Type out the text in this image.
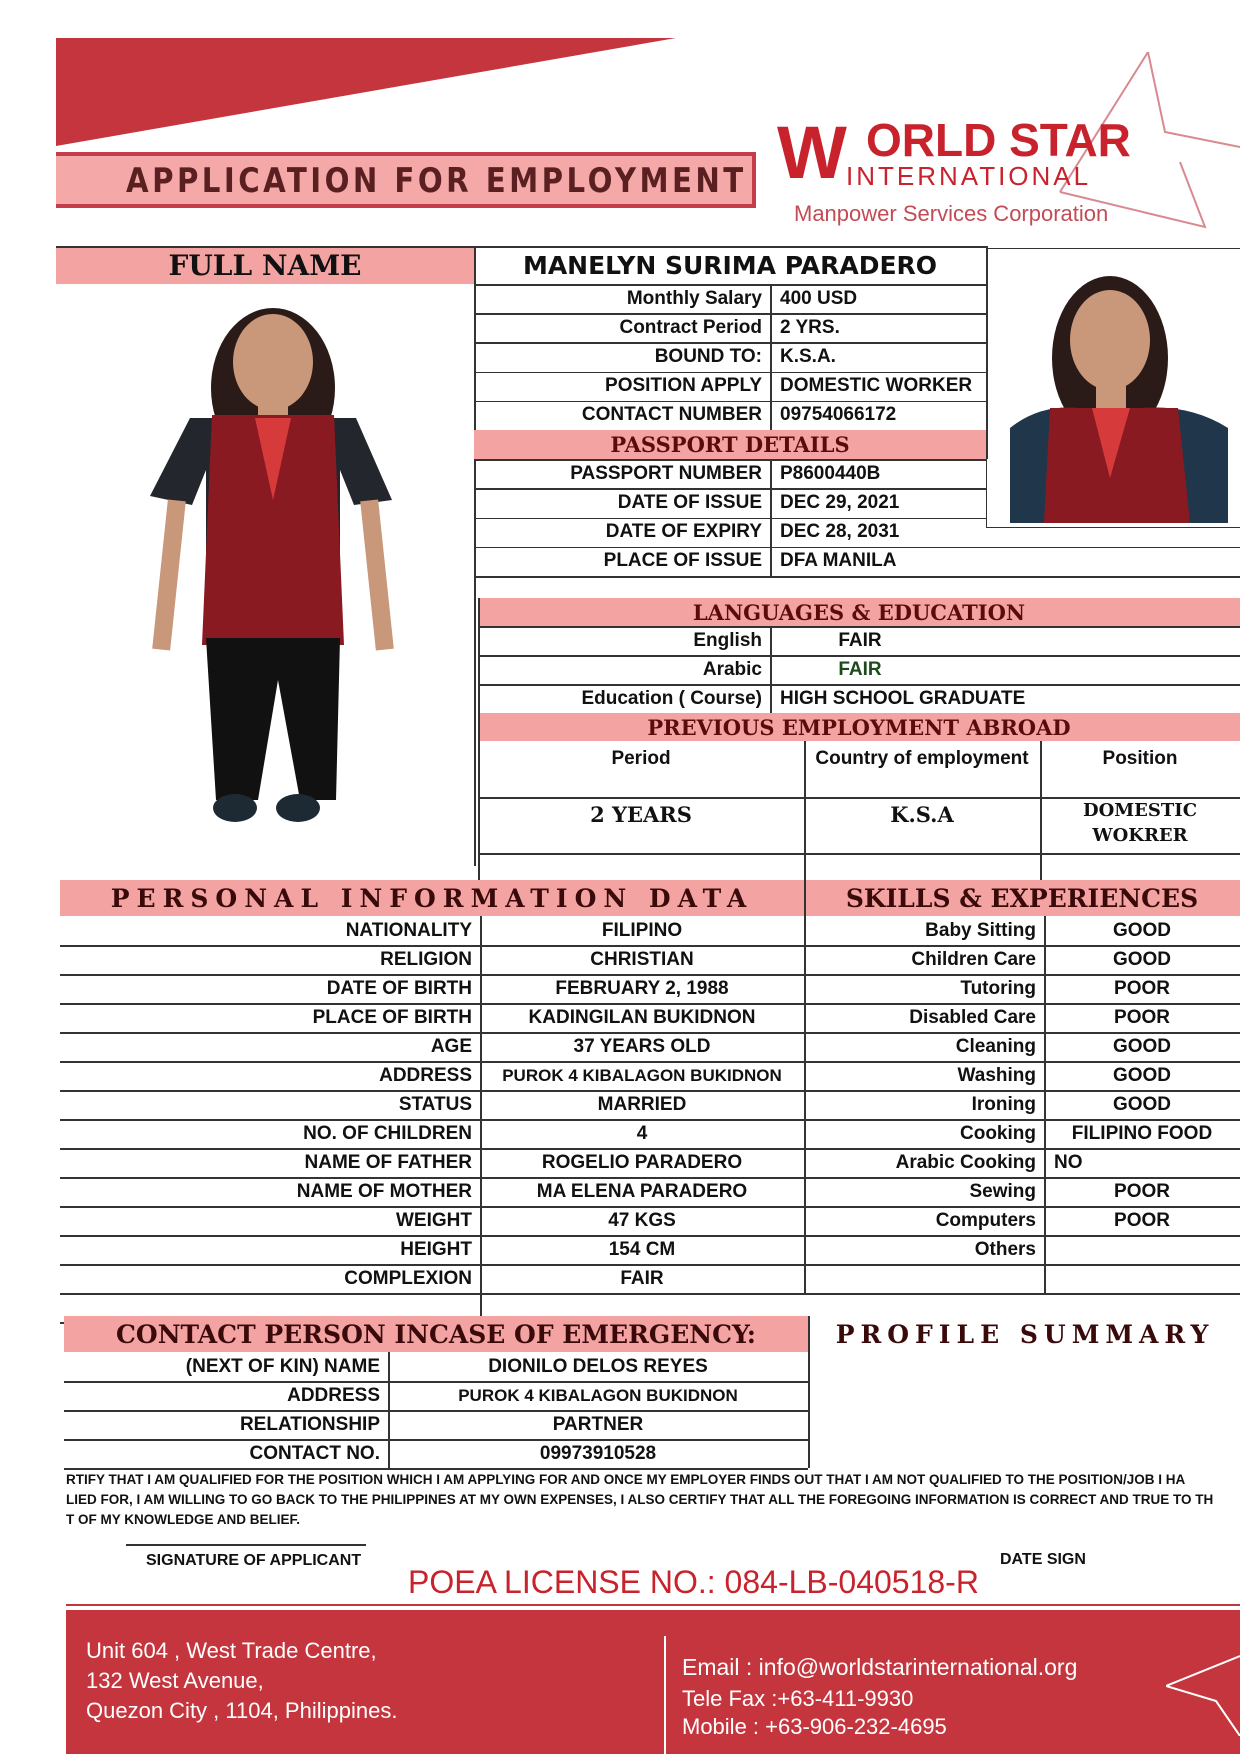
APPLICATION FOR EMPLOYMENT W ORLD STAR
INTERNATIONAL
Manpower Services Corporation
FULL NAME	MANELYN SURIMA PARADERO
Monthly Salary 400 USD
Contract Period 2 YRS.
BOUND TO: K.S.A.
POSITION APPLY DOMESTIC WORKER
CONTACT NUMBER 09754066172
PASSPORT DETAILS
PASSPORT NUMBER P8600440B
DATE OF ISSUE DEC 29, 2021
DATE OF EXPIRY DEC 28, 2031
PLACE OF ISSUE DFA MANILA
LANGUAGES & EDUCATION
English	FAIR
Arabic	FAIR
Education ( Course) HIGH SCHOOL GRADUATE
PREVIOUS EMPLOYMENT ABROAD
Period	Country of employment	Position
2 YEARS	K.S.A	DOMESTIC WOKRER
PERSONAL INFORMATION DATA
NATIONALITY	FILIPINO
RELIGION	CHRISTIAN
DATE OF BIRTH	FEBRUARY 2, 1988
PLACE OF BIRTH	KADINGILAN BUKIDNON
AGE	37 YEARS OLD
ADDRESS	PUROK 4 KIBALAGON BUKIDNON
STATUS	MARRIED
NO. OF CHILDREN	4
NAME OF FATHER	ROGELIO PARADERO
NAME OF MOTHER	MA ELENA PARADERO
WEIGHT	47 KGS
HEIGHT	154 CM
COMPLEXION	FAIR
SKILLS & EXPERIENCES
Baby Sitting	GOOD
Children Care	GOOD
Tutoring	POOR
Disabled Care	POOR
Cleaning	GOOD
Washing	GOOD
Ironing	GOOD
Cooking	FILIPINO FOOD
Arabic Cooking NO
Sewing	POOR
Computers	POOR
Others
CONTACT PERSON INCASE OF EMERGENCY:
(NEXT OF KIN) NAME	DIONILO DELOS REYES
ADDRESS	PUROK 4 KIBALAGON BUKIDNON
RELATIONSHIP	PARTNER
CONTACT NO.	09973910528
PROFILE SUMMARY
RTIFY THAT I AM QUALIFIED FOR THE POSITION WHICH I AM APPLYING FOR AND ONCE MY EMPLOYER FINDS OUT THAT I AM NOT QUALIFIED TO THE POSITION/JOB I HA
LIED FOR, I AM WILLING TO GO BACK TO THE PHILIPPINES AT MY OWN EXPENSES, I ALSO CERTIFY THAT ALL THE FOREGOING INFORMATION IS CORRECT AND TRUE TO TH
T OF MY KNOWLEDGE AND BELIEF.
SIGNATURE OF APPLICANT	DATE SIGN
POEA LICENSE NO.: 084-LB-040518-R
Unit 604 , West Trade Centre,
132 West Avenue,
Quezon City , 1104, Philippines.
Email : info@worldstarinternational.org
Tele Fax :+63-411-9930
Mobile : +63-906-232-4695
